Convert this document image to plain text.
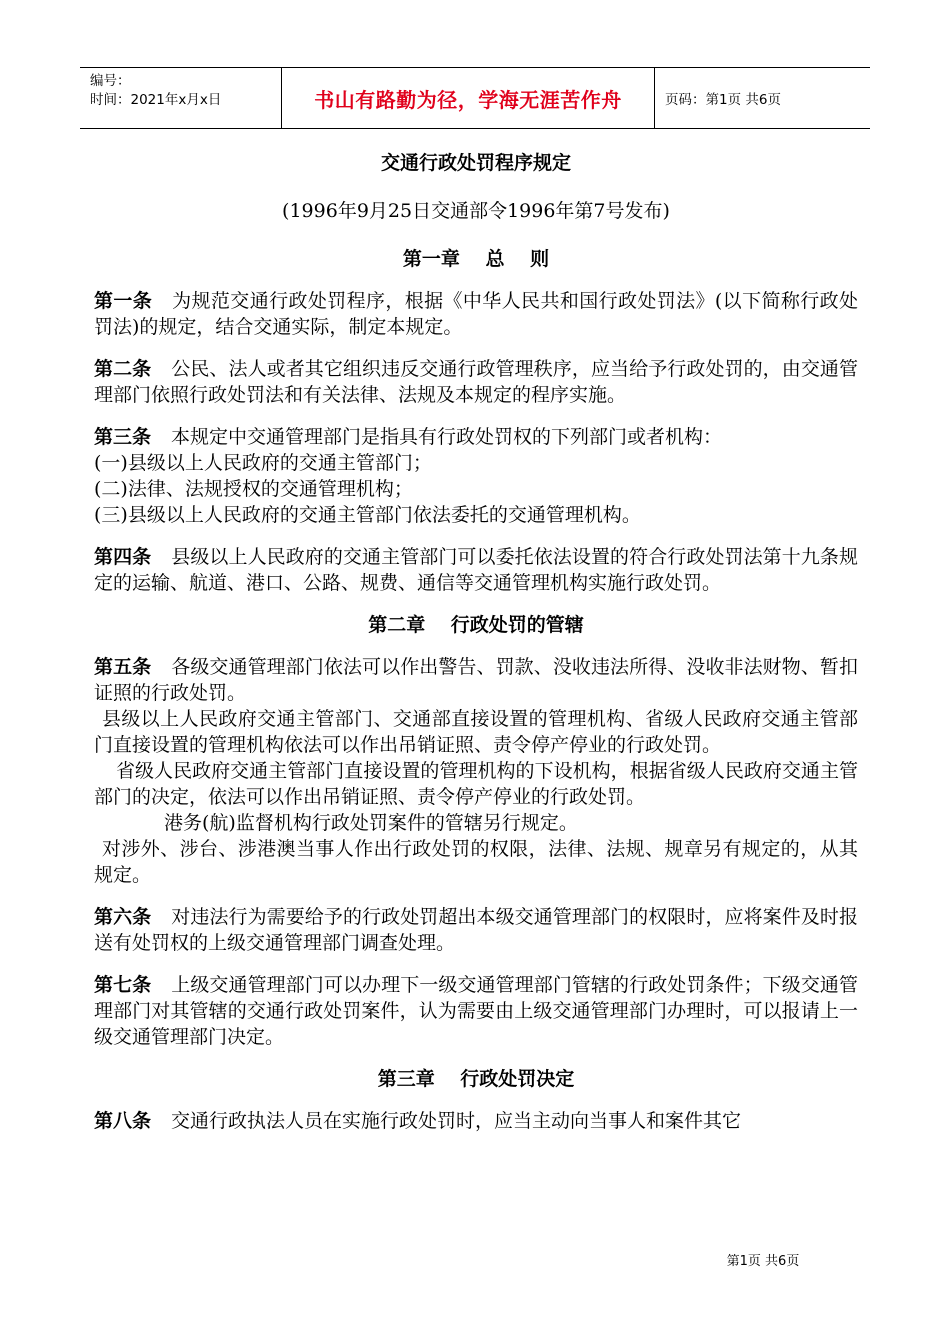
编号：
时间：2021年x月x日	书山有路勤为径，学海无涯苦作舟	页码：第1页 共6页
交通行政处罚程序规定
(1996年9月25日交通部令1996年第7号发布)
第一章　 总　 则

第一条 为规范交通行政处罚程序，根据《中华人民共和国行政处罚法》(以下简称行政处罚法)的规定，结合交通实际，制定本规定。

第二条 公民、法人或者其它组织违反交通行政管理秩序，应当给予行政处罚的，由交通管理部门依照行政处罚法和有关法律、法规及本规定的程序实施。

第三条 本规定中交通管理部门是指具有行政处罚权的下列部门或者机构：

(一)县级以上人民政府的交通主管部门；

(二)法律、法规授权的交通管理机构；

(三)县级以上人民政府的交通主管部门依法委托的交通管理机构。

第四条 县级以上人民政府的交通主管部门可以委托依法设置的符合行政处罚法第十九条规定的运输、航道、港口、公路、规费、通信等交通管理机构实施行政处罚。

第二章　 行政处罚的管辖

第五条 各级交通管理部门依法可以作出警告、罚款、没收违法所得、没收非法财物、暂扣证照的行政处罚。

县级以上人民政府交通主管部门、交通部直接设置的管理机构、省级人民政府交通主管部门直接设置的管理机构依法可以作出吊销证照、责令停产停业的行政处罚。

省级人民政府交通主管部门直接设置的管理机构的下设机构，根据省级人民政府交通主管部门的决定，依法可以作出吊销证照、责令停产停业的行政处罚。

港务(航)监督机构行政处罚案件的管辖另行规定。

对涉外、涉台、涉港澳当事人作出行政处罚的权限，法律、法规、规章另有规定的，从其规定。

第六条 对违法行为需要给予的行政处罚超出本级交通管理部门的权限时，应将案件及时报送有处罚权的上级交通管理部门调查处理。

第七条 上级交通管理部门可以办理下一级交通管理部门管辖的行政处罚条件；下级交通管理部门对其管辖的交通行政处罚案件，认为需要由上级交通管理部门办理时，可以报请上一级交通管理部门决定。

第三章　 行政处罚决定

第八条 交通行政执法人员在实施行政处罚时，应当主动向当事人和案件其它

第1页 共6页
